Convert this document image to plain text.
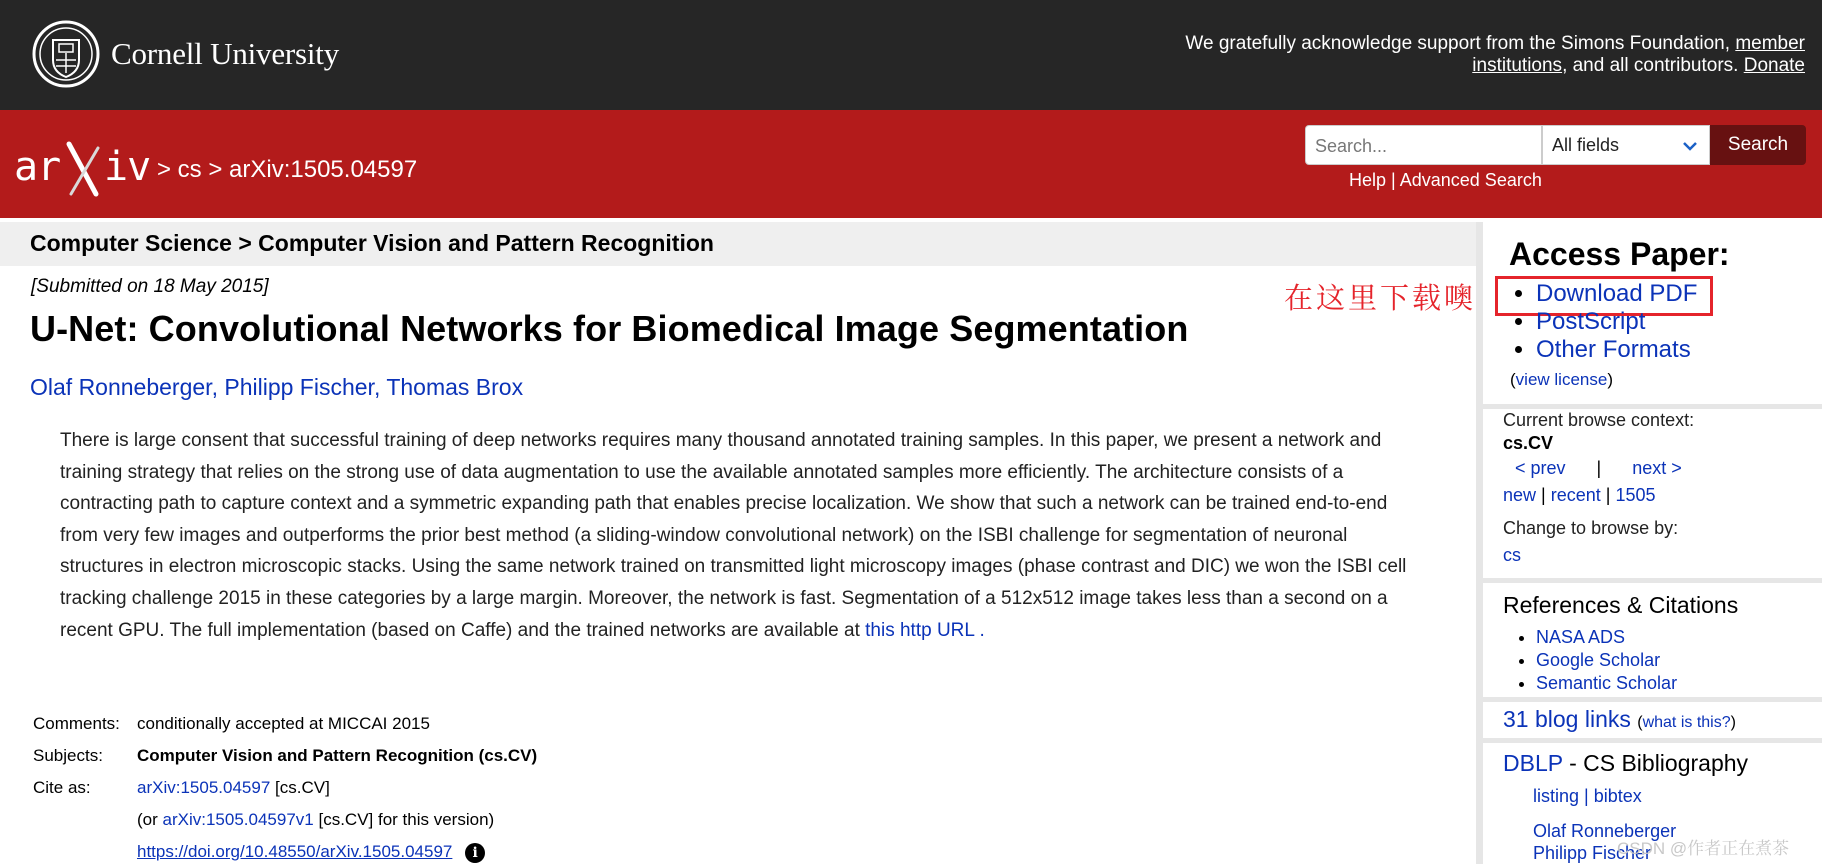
Cornell University	We gratefully acknowledge support from the Simons Foundation, member
institutions, and all contributors. Donate
ar iv > cs > arXiv:1505.04597
Search...	All fields	Search
Help | Advanced Search
Computer Science > Computer Vision and Pattern Recognition
[Submitted on 18 May 2015]
U-Net: Convolutional Networks for Biomedical Image Segmentation
Olaf Ronneberger, Philipp Fischer, Thomas Brox
There is large consent that successful training of deep networks requires many thousand annotated training samples. In this paper, we present a network and training strategy that relies on the strong use of data augmentation to use the available annotated samples more efficiently. The architecture consists of a contracting path to capture context and a symmetric expanding path that enables precise localization. We show that such a network can be trained end-to-end from very few images and outperforms the prior best method (a sliding-window convolutional network) on the ISBI challenge for segmentation of neuronal structures in electron microscopic stacks. Using the same network trained on transmitted light microscopy images (phase contrast and DIC) we won the ISBI cell tracking challenge 2015 in these categories by a large margin. Moreover, the network is fast. Segmentation of a 512x512 image takes less than a second on a recent GPU. The full implementation (based on Caffe) and the trained networks are available at this http URL .
Comments:	conditionally accepted at MICCAI 2015
Subjects:	Computer Vision and Pattern Recognition (cs.CV)
Cite as:	arXiv:1505.04597 [cs.CV]
(or arXiv:1505.04597v1 [cs.CV] for this version)
https://doi.org/10.48550/arXiv.1505.04597 i
在这里下载噢
Access Paper:
• Download PDF
• PostScript
• Other Formats
(view license)
Current browse context:
cs.CV
< prev | next >
new | recent | 1505
Change to browse by:
cs
References & Citations
• NASA ADS
• Google Scholar
• Semantic Scholar
31 blog links (what is this?)
DBLP - CS Bibliography
listing | bibtex
Olaf Ronneberger
Philipp Fischer
CSDN @作者正在煮茶
